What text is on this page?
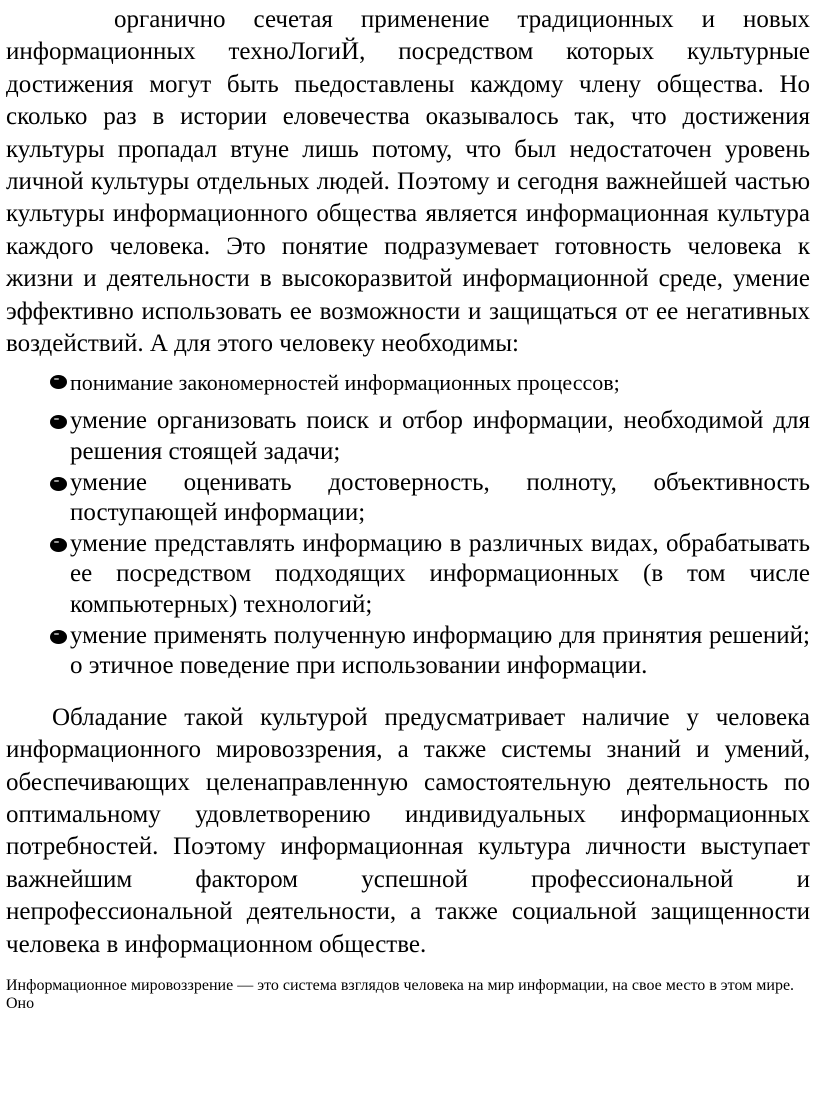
органично сечетая применение традиционных и новых информационных техноЛогиЙ, посредством которых культурные достижения могут быть пьедоставлены каждому члену общества. Но сколько раз в истории еловечества оказывалось так, что достижения культуры пропадал втуне лишь потому, что был недостаточен уровень личной культуры отдельных людей. Поэтому и сегодня важнейшей частью культуры информационного общества является информационная культура каждого человека. Это понятие подразумевает готовность человека к жизни и деятельности в высокоразвитой информационной среде, умение эффективно использовать ее возможности и защищаться от ее негативных воздействий. А для этого человеку необходимы:

понимание закономерностей информационных процессов;
умение организовать поиск и отбор информации, необходимой для решения стоящей задачи;
умение оценивать достоверность, полноту, объективность поступающей информации;
умение представлять информацию в различных видах, обрабатывать ее посредством подходящих информационных (в том числе компьютерных) технологий;
умение применять полученную информацию для принятия решений; о этичное поведение при использовании информации.

Обладание такой культурой предусматривает наличие у человека информационного мировоззрения, а также системы знаний и умений, обеспечивающих целенаправленную самостоятельную деятельность по оптимальному удовлетворению индивидуальных информационных потребностей. Поэтому информационная культура личности выступает важнейшим фактором успешной профессиональной и непрофессиональной деятельности, а также социальной защищенности человека в информационном обществе.

Информационное мировоззрение — это система взглядов человека на мир информации, на свое место в этом мире. Оно
